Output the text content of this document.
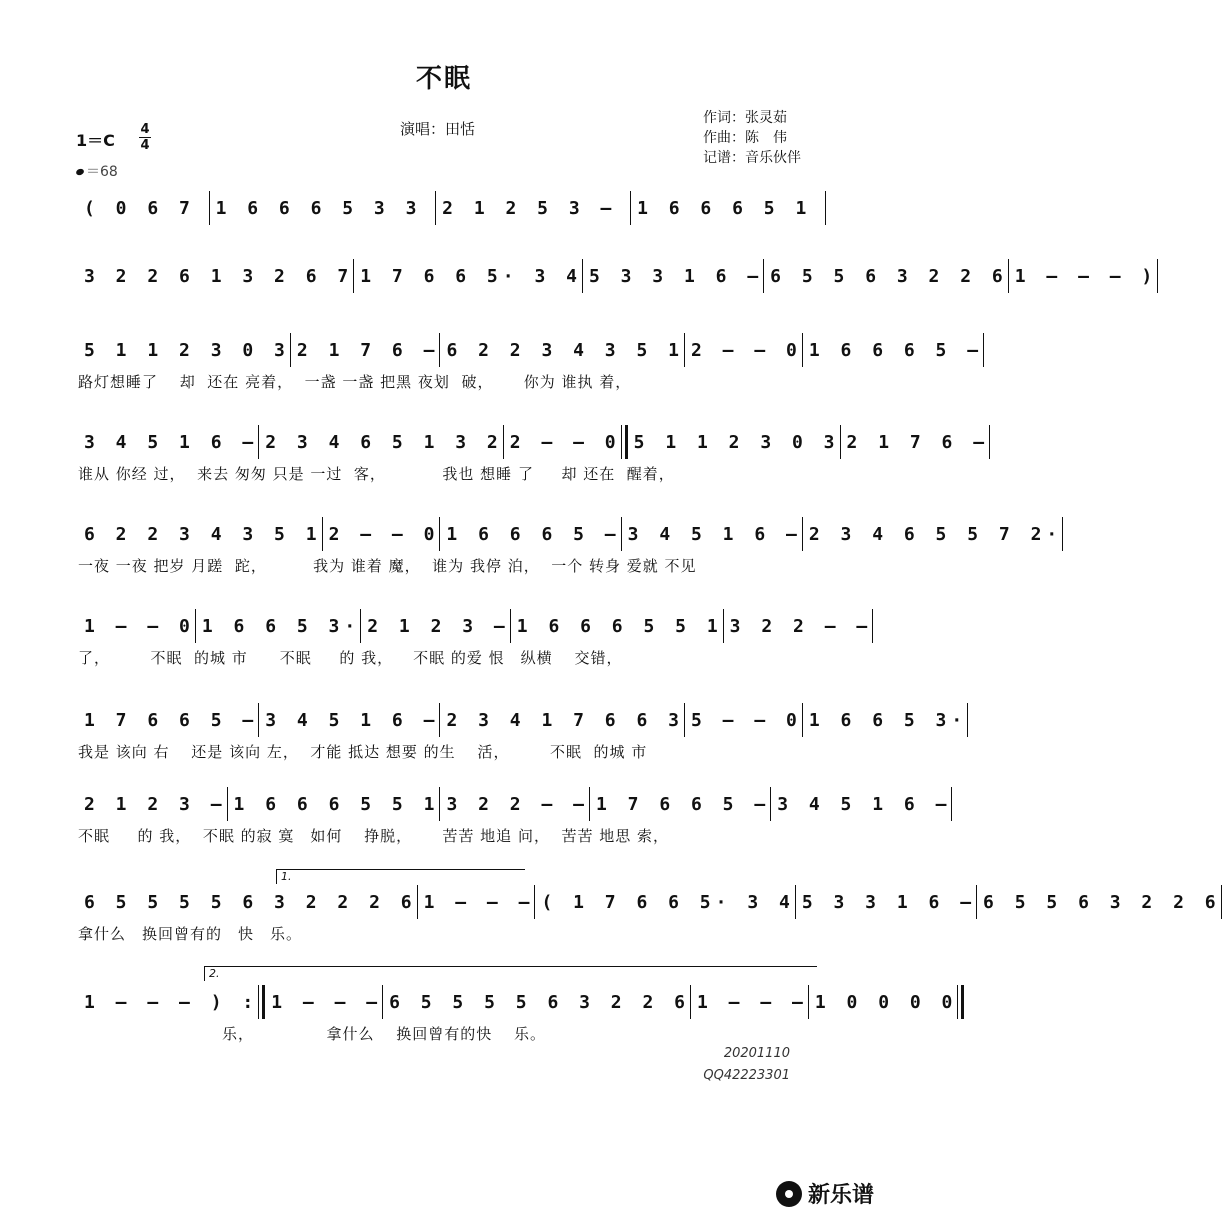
不眠
演唱：田恬
作词：张灵茹
作曲：陈　伟
记谱：音乐伙伴
1＝C
4
4
＝68
( 0 6 7	1 6 6 6 5 3 3	2 1 2 5 3 –	1 6 6 6 5 1
3 2 2 6 1 3 2 6 7 1 7 6 6 5· 3 4 5 3 3 1 6 – 6 5 5 6 3 2 2 6 1 – – – )
5 1 1 2 3 0 3 2 1 7 6 – 6 2 2 3 4 3 5 1 2 – – 0 1 6 6 6 5 –
路灯想睡了　 却  还在 亮着，  一盏 一盏 把黑 夜划  破，　　 你为 谁执 着，
3 4 5 1 6 – 2 3 4 6 5 1 3 2 2 – – 0 5 1 1 2 3 0 3 2 1 7 6 –
谁从 你经 过，  来去 匆匆 只是 一过  客，　　　　我也 想睡 了　  却 还在  醒着，
6 2 2 3 4 3 5 1 2 – – 0 1 6 6 6 5 – 3 4 5 1 6 – 2 3 4 6 5 5 7 2·
一夜 一夜 把岁 月蹉  跎，　　　 我为 谁着 魔，  谁为 我停 泊，  一个 转身 爱就 不见
1 – – 0 1 6 6 5 3· 2 1 2 3 – 1 6 6 6 5 5 1 3 2 2 – –
了，　　　不眠  的城 市　　不眠　  的 我，　  不眠 的爱 恨　纵横　 交错，
1 7 6 6 5 – 3 4 5 1 6 – 2 3 4 1 7 6 6 3 5 – – 0 1 6 6 5 3·
我是 该向 右　 还是 该向 左，  才能 抵达 想要 的生　 活，　　　不眠  的城 市
2 1 2 3 – 1 6 6 6 5 5 1 3 2 2 – – 1 7 6 6 5 – 3 4 5 1 6 –
不眠　  的 我，  不眠 的寂 寞　如何 　挣脱，　　 苦苦 地追 问，  苦苦 地思 索，
6 5 5 5 5 6 3 2 2 2 6 1 – – – ( 1 7 6 6 5· 3 4 5 3 3 1 6 – 6 5 5 6 3 2 2 6
拿什么　换回曾有的　快　乐。
1 – – – ) : 1 – – – 6 5 5 5 5 6 3 2 2 6 1 – – – 1 0 0 0 0
　　　　　　　　　乐，　　　　　拿什么　 换回曾有的快　 乐。
1.
2.
20201110
QQ42223301
新乐谱
